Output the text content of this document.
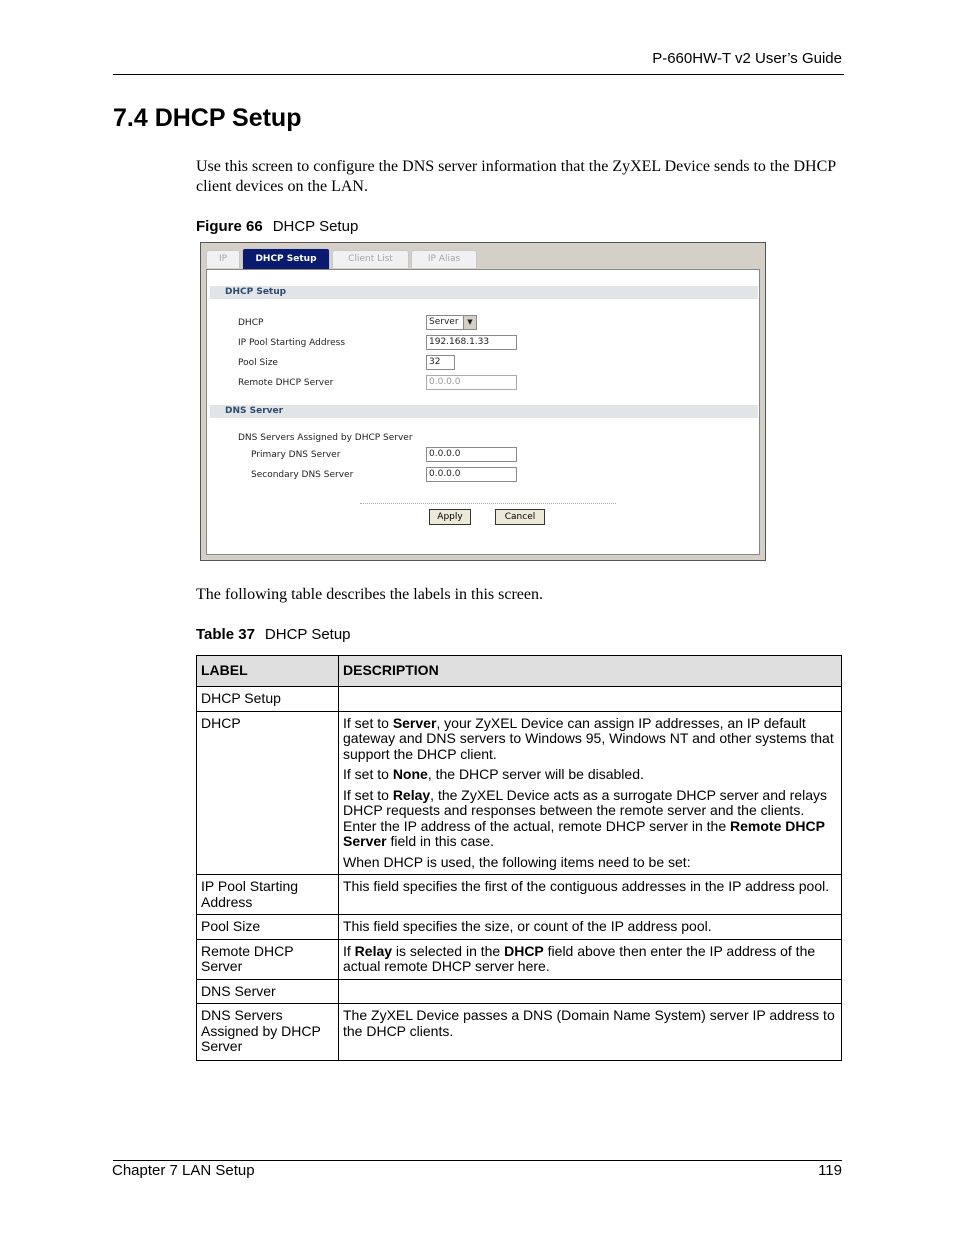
P-660HW-T v2 User’s Guide
7.4 DHCP Setup

Use this screen to configure the DNS server information that the ZyXEL Device sends to the DHCP client devices on the LAN.

Figure 66 DHCP Setup
IP	DHCP Setup	Client List	IP Alias
DHCP Setup
DHCP	Server	▼
IP Pool Starting Address	192.168.1.33
Pool Size	32
Remote DHCP Server	0.0.0.0
DNS Server
DNS Servers Assigned by DHCP Server
Primary DNS Server	0.0.0.0
Secondary DNS Server	0.0.0.0
Apply	Cancel
The following table describes the labels in this screen.
Table 37 DHCP Setup
LABEL	DESCRIPTION
DHCP Setup	
DHCP	If set to Server, your ZyXEL Device can assign IP addresses, an IP default gateway and DNS servers to Windows 95, Windows NT and other systems that support the DHCP client.

If set to None, the DHCP server will be disabled.

If set to Relay, the ZyXEL Device acts as a surrogate DHCP server and relays DHCP requests and responses between the remote server and the clients. Enter the IP address of the actual, remote DHCP server in the Remote DHCP Server field in this case.

When DHCP is used, the following items need to be set:

IP Pool Starting Address	This field specifies the first of the contiguous addresses in the IP address pool.
Pool Size	This field specifies the size, or count of the IP address pool.
Remote DHCP Server	If Relay is selected in the DHCP field above then enter the IP address of the actual remote DHCP server here.
DNS Server	
DNS Servers Assigned by DHCP Server	The ZyXEL Device passes a DNS (Domain Name System) server IP address to the DHCP clients.
Chapter 7 LAN Setup	119
